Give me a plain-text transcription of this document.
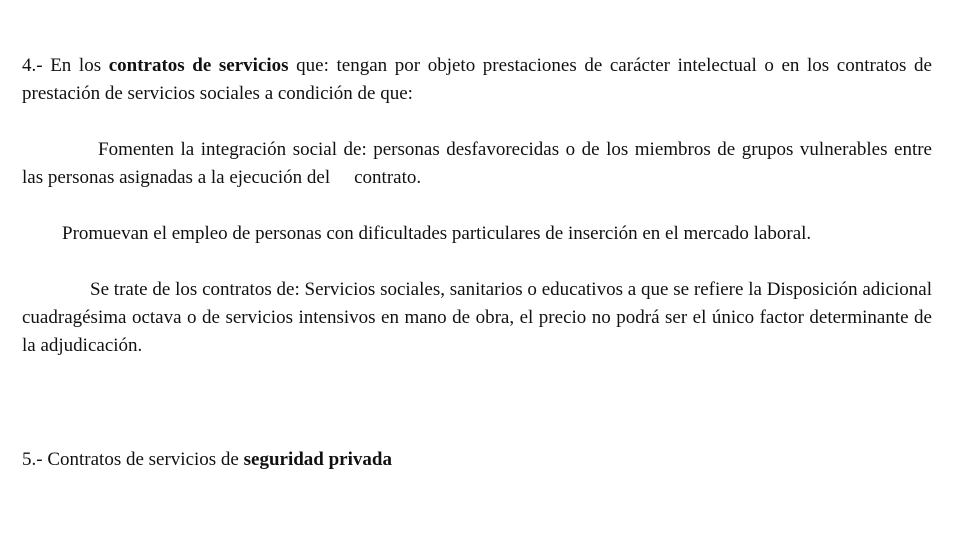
4.- En los contratos de servicios que: tengan por objeto prestaciones de carácter intelectual o en los contratos de prestación de servicios sociales a condición de que:

Fomenten la integración social de: personas desfavorecidas o de los miembros de grupos vulnerables entre las personas asignadas a la ejecución del contrato.

Promuevan el empleo de personas con dificultades particulares de inserción en el mercado laboral.

Se trate de los contratos de: Servicios sociales, sanitarios o educativos a que se refiere la Disposición adicional cuadragésima octava o de servicios intensivos en mano de obra, el precio no podrá ser el único factor determinante de la adjudicación.

5.- Contratos de servicios de seguridad privada
